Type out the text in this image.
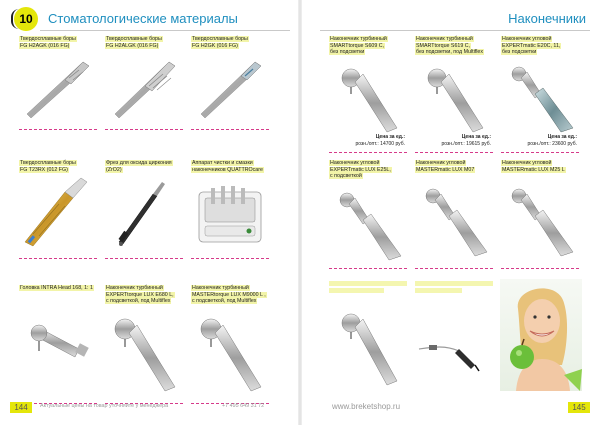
10 Стоматологические материалы
Твердосплавные боры
FG H2AGK (016 FG)
Твердосплавные боры
FG H2ALGK (016 FG)
Твердосплавные боры
FG H2GK (016 FG)
Твердосплавные боры
FG T23RX (012 FG)
Фрез для оксида циркония
(ZrO2)
Аппарат чистки и смазки
наконечников QUATTROcare
Головка INTRA Head 168, 1: 1	Наконечник турбинный
EXPERTtorque LUX E680 L,
с подсветкой, под Multiflex
Наконечник турбинный
MASTERtorque LUX M9000 L ,
с подсветкой, под Multiflex
144	Актуальные цены на товар уточняйте у менеджера	+7 495 649 31 72
Наконечники
Наконечник турбинный
SMARTtorque S609 C,
без подсветки
Цена за ед.:
розн./опт.: 14700 руб.
Наконечник турбинный
SMARTtorque S619 C,
без подсветки, под Multiflex
Цена за ед.:
розн./опт.: 19615 руб.
Наконечник угловой
EXPERTmatic E20C, 11,
без подсветки
Цена за ед.:
розн./опт.: 23600 руб.
Наконечник угловой
EXPERTmatic LUX E25L,
с подсветкой
Наконечник угловой
MASTERmatic LUX M07
Наконечник угловой
MASTERmatic LUX M25 L
www.breketshop.ru	145
